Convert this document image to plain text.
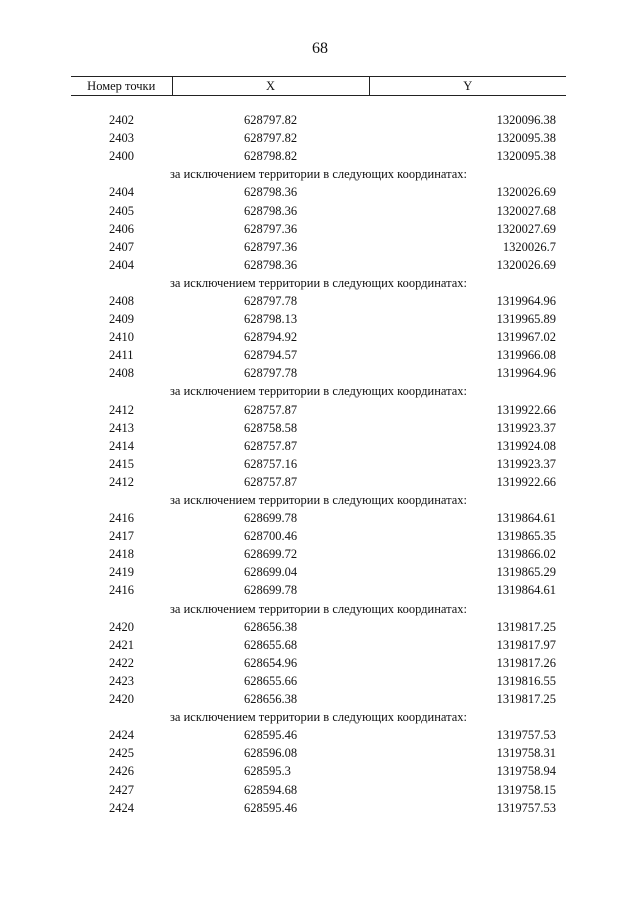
68
Номер точки	X	Y

2402	628797.82	1320096.38
2403	628797.82	1320095.38
2400	628798.82	1320095.38
за исключением территории в следующих координатах:		
2404	628798.36	1320026.69
2405	628798.36	1320027.68
2406	628797.36	1320027.69
2407	628797.36	1320026.7
2404	628798.36	1320026.69
за исключением территории в следующих координатах:		
2408	628797.78	1319964.96
2409	628798.13	1319965.89
2410	628794.92	1319967.02
2411	628794.57	1319966.08
2408	628797.78	1319964.96
за исключением территории в следующих координатах:		
2412	628757.87	1319922.66
2413	628758.58	1319923.37
2414	628757.87	1319924.08
2415	628757.16	1319923.37
2412	628757.87	1319922.66
за исключением территории в следующих координатах:		
2416	628699.78	1319864.61
2417	628700.46	1319865.35
2418	628699.72	1319866.02
2419	628699.04	1319865.29
2416	628699.78	1319864.61
за исключением территории в следующих координатах:		
2420	628656.38	1319817.25
2421	628655.68	1319817.97
2422	628654.96	1319817.26
2423	628655.66	1319816.55
2420	628656.38	1319817.25
за исключением территории в следующих координатах:		
2424	628595.46	1319757.53
2425	628596.08	1319758.31
2426	628595.3	1319758.94
2427	628594.68	1319758.15
2424	628595.46	1319757.53
